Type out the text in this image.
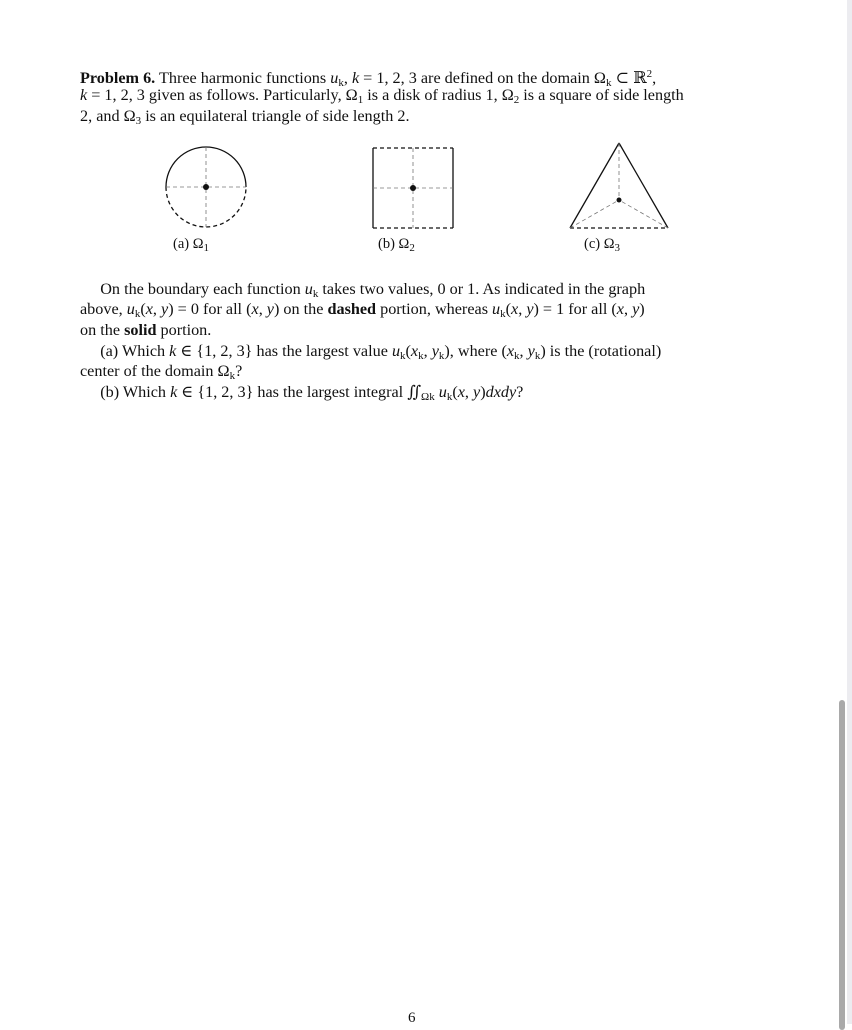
Problem 6. Three harmonic functions $u_k$, k = 1, 2, 3 are defined on the domain $\Omega_k$ ⊂ ℝ$^2$,
k = 1, 2, 3 given as follows. Particularly, $\Omega_1$ is a disk of radius 1, $\Omega_2$ is a square of side length
2, and $\Omega_3$ is an equilateral triangle of side length 2.
(a) $\Omega_1$	(b) $\Omega_2$	(c) $\Omega_3$
  On the boundary each function $u_k$ takes two values, 0 or 1. As indicated in the graph
above, $u_k(x$, y) = 0 for all (x, y) on the dashed portion, whereas $u_k(x$, y) = 1 for all (x, y)
on the solid portion.
  (a) Which k ∈ {1, 2, 3} has the largest value $u_k(x_k$, $y_k$), where ($x_k$, $y_k$) is the (rotational)
center of the domain $\Omega_k$?
  (b) Which k ∈ {1, 2, 3} has the largest integral $∬_{\Omega k}$ $u_k(x$, y)dxdy?
6
